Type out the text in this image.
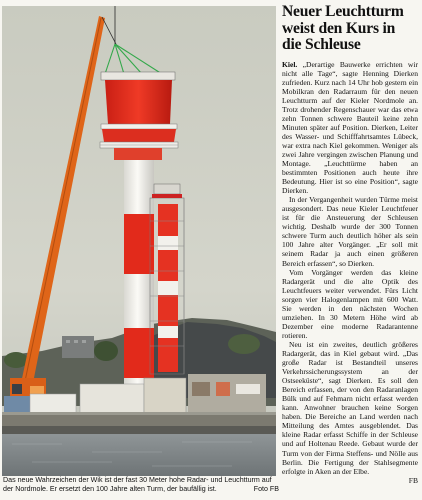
Das neue Wahrzeichen der Wik ist der fast 30 Meter hohe Radar- und Leuchtturm auf der Nordmole. Er ersetzt den 100 Jahre alten Turm, der baufällig ist.	Foto FB
Neuer Leuchtturm weist den Kurs in die Schleuse

Kiel. „Derartige Bauwerke errichten wir nicht alle Tage“, sagte Henning Dierken zufrieden. Kurz nach 14 Uhr hob gestern ein Mobilkran den Radarraum für den neuen Leuchtturm auf der Kieler Nordmole an. Trotz drohender Regenschauer war das etwa zehn Tonnen schwere Bauteil keine zehn Minuten später auf Position. Dierken, Leiter des Wasser- und Schifffahrtsamtes Lübeck, war extra nach Kiel gekommen. Weniger als zwei Jahre vergingen zwischen Planung und Montage. „Leuchttürme haben an bestimmten Positionen auch heute ihre Bedeutung. Hier ist so eine Position“, sagte Dierken.

In der Vergangenheit wurden Türme meist ausgesondert. Das neue Kieler Leuchtfeuer ist für die Ansteuerung der Schleusen wichtig. Deshalb wurde der 300 Tonnen schwere Turm auch deutlich höher als sein 100 Jahre alter Vorgänger. „Er soll mit seinem Radar ja auch einen größeren Bereich erfassen“, so Dierken.

Vom Vorgänger werden das kleine Radargerät und die alte Optik des Leuchtfeuers weiter verwendet. Fürs Licht sorgen vier Halogenlampen mit 600 Watt. Sie werden in den nächsten Wochen umziehen. In 30 Metern Höhe wird ab Dezember eine moderne Radarantenne rotieren.

Neu ist ein zweites, deutlich größeres Radargerät, das in Kiel gebaut wird. „Das große Radar ist Bestandteil unseres Verkehrssicherungssystem an der Ostseeküste“, sagt Dierken. Es soll den Bereich erfassen, der von den Radaranlagen Bülk und auf Fehmarn nicht erfasst werden kann. Anwohner brauchen keine Sorgen haben. Die Bereiche an Land werden nach Mitteilung des Amtes ausgeblendet. Das kleine Radar erfasst Schiffe in der Schleuse und auf Holtenau Reede. Gebaut wurde der Turm von der Firma Steffens- und Nölle aus Berlin. Die Fertigung der Stahlsegmente erfolgte in Aken an der Elbe.

FB
